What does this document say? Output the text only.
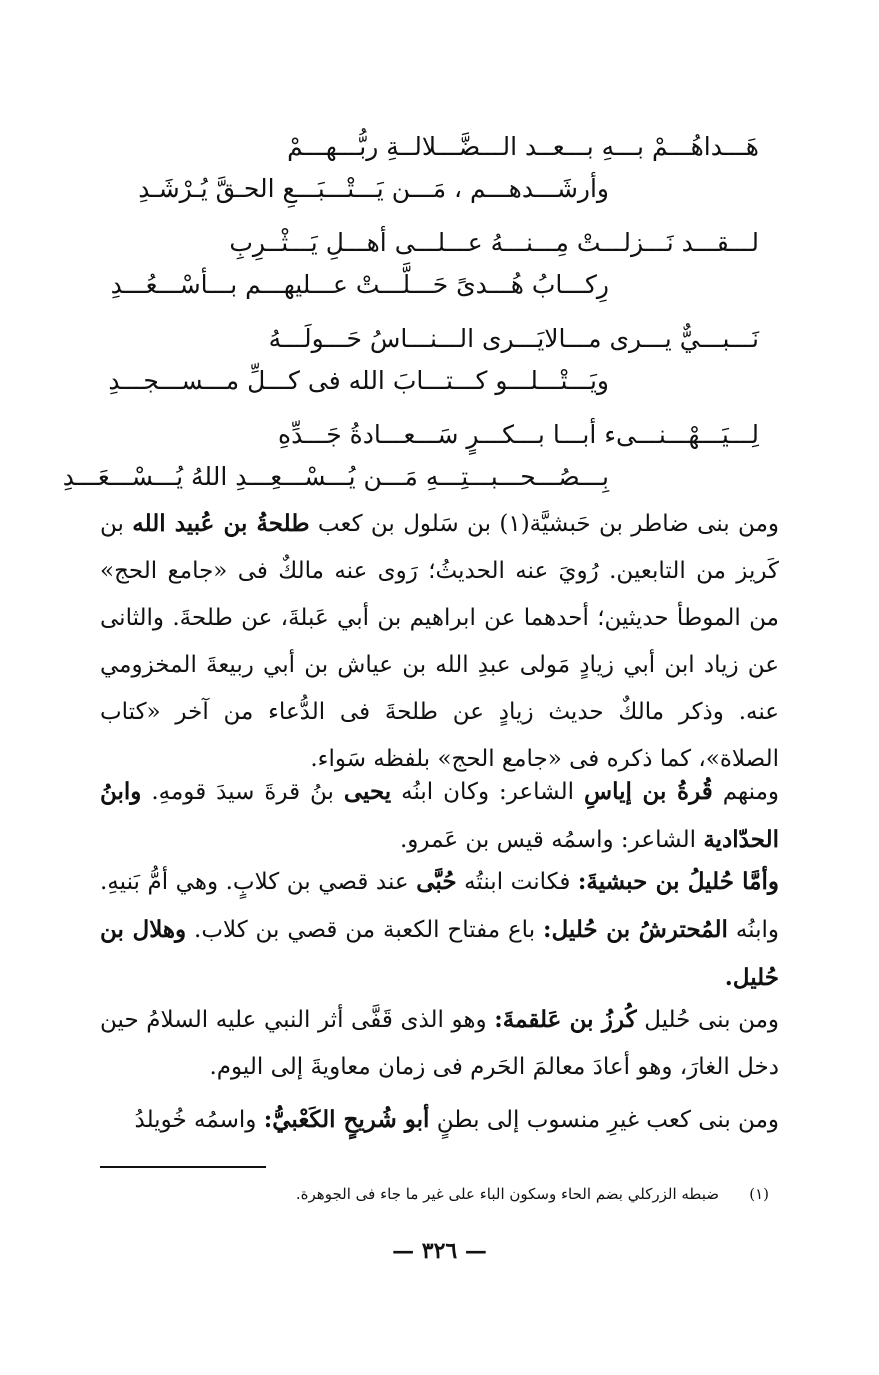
هَـــداهُـــمْ بـــهِ بـــعــد الـــضَّـــلالــةِ ربُّـــهـــمْ
وأرشَـــدهـــم ، مَـــن يَـــتْـــبَـــعِ الحـقَّ يُـرْشَـدِ
لـــقـــد نَـــزلـــتْ مِـــنـــهُ عـــلـــى أهـــلِ يَـــثْــرِبِ
رِكـــابُ هُـــدىً حَـــلَّـــتْ عـــليهـــم بـــأسْـــعُـــدِ
نَـــبـــيٌّ يـــرى مـــالايَـــرى الـــنـــاسُ حَـــولَـــهُ
ويَـــتْـــلـــو كـــتـــابَ الله فى كـــلِّ مـــســـجـــدِ
لِـــيَـــهْـــنـــىء أبـــا بـــكـــرٍ سَـــعـــادةُ جَـــدِّهِ
بِـــصُـــحـــبـــتِـــهِ مَـــن يُـــسْـــعِـــدِ اللهُ يُـــسْـــعَـــدِ

ومن بنى ضاطر بن حَبشيَّة(١) بن سَلول بن كعب طلحةُ بن عُبيد الله بن كَريز من التابعين. رُويَ عنه الحديثُ؛ رَوى عنه مالكٌ فى «جامع الحج» من الموطأ حديثين؛ أحدهما عن ابراهيم بن أبي عَبلةَ، عن طلحةَ. والثانى عن زياد ابن أبي زيادٍ مَولى عبدِ الله بن عياش بن أبي ربيعةَ المخزومي عنه. وذكر مالكٌ حديث زيادٍ عن طلحةَ فى الدُّعاء من آخر «كتاب الصلاة»، كما ذكره فى «جامع الحج» بلفظه سَواء.

ومنهم قُرةُ بن إياسِ الشاعر: وكان ابنُه يحيى بنُ قرةَ سيدَ قومهِ. وابنُ الحدّادية الشاعر: واسمُه قيس بن عَمرو.

وأمَّا حُليلُ بن حبشيةَ: فكانت ابنتُه حُبَّى عند قصي بن كلابٍ. وهي أمُّ بَنيهِ. وابنُه المُحترشُ بن حُليل: باع مفتاح الكعبة من قصي بن كلاب. وهلال بن حُليل.

ومن بنى حُليل كُرزُ بن عَلقمةَ: وهو الذى قَفَّى أثر النبي عليه السلامُ حين دخل الغارَ، وهو أعادَ معالمَ الحَرم فى زمان معاويةَ إلى اليوم.

ومن بنى كعب غيرِ منسوب إلى بطنٍ أبو شُريحٍ الكَعْبيُّ: واسمُه خُويلدُ

(١)ضبطه الزركلي بضم الحاء وسكون الباء على غير ما جاء فى الجوهرة.
— ٣٢٦ —
